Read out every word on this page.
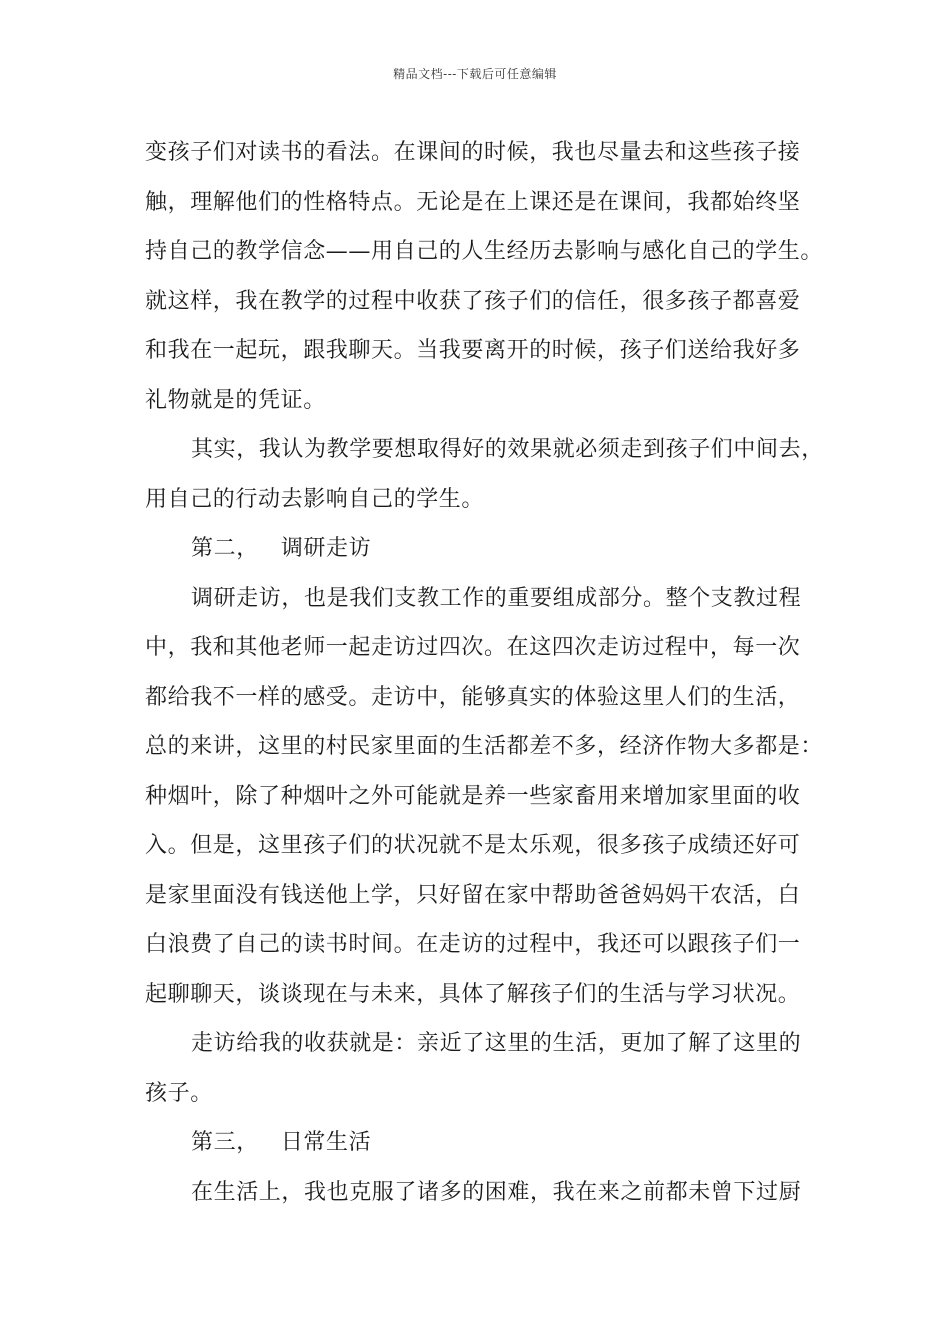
精品文档---下载后可任意编辑
变孩子们对读书的看法。在课间的时候，我也尽量去和这些孩子接
触，理解他们的性格特点。无论是在上课还是在课间，我都始终坚
持自己的教学信念——用自己的人生经历去影响与感化自己的学生。
就这样，我在教学的过程中收获了孩子们的信任，很多孩子都喜爱
和我在一起玩，跟我聊天。当我要离开的时候，孩子们送给我好多
礼物就是的凭证。
其实，我认为教学要想取得好的效果就必须走到孩子们中间去，
用自己的行动去影响自己的学生。
第二， 调研走访
调研走访，也是我们支教工作的重要组成部分。整个支教过程
中，我和其他老师一起走访过四次。在这四次走访过程中，每一次
都给我不一样的感受。走访中，能够真实的体验这里人们的生活，
总的来讲，这里的村民家里面的生活都差不多，经济作物大多都是：
种烟叶，除了种烟叶之外可能就是养一些家畜用来增加家里面的收
入。但是，这里孩子们的状况就不是太乐观，很多孩子成绩还好可
是家里面没有钱送他上学，只好留在家中帮助爸爸妈妈干农活，白
白浪费了自己的读书时间。在走访的过程中，我还可以跟孩子们一
起聊聊天，谈谈现在与未来，具体了解孩子们的生活与学习状况。
走访给我的收获就是：亲近了这里的生活，更加了解了这里的
孩子。
第三， 日常生活
在生活上，我也克服了诸多的困难，我在来之前都未曾下过厨
